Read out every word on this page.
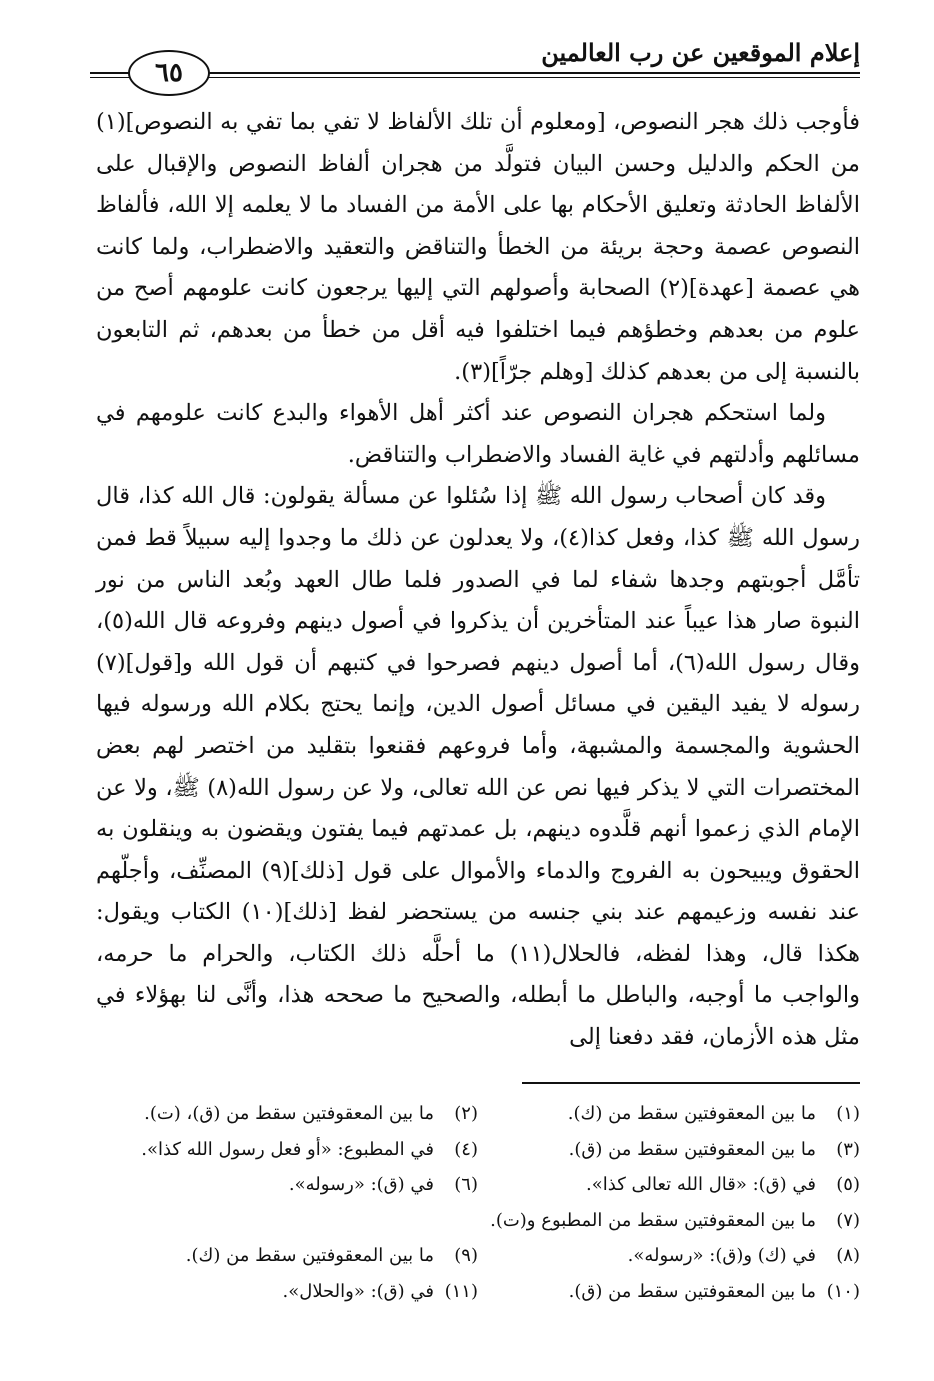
إعلام الموقعين عن رب العالمين
٦٥

فأوجب ذلك هجر النصوص، [ومعلوم أن تلك الألفاظ لا تفي بما تفي به النصوص](١) من الحكم والدليل وحسن البيان فتولَّد من هجران ألفاظ النصوص والإقبال على الألفاظ الحادثة وتعليق الأحكام بها على الأمة من الفساد ما لا يعلمه إلا الله، فألفاظ النصوص عصمة وحجة بريئة من الخطأ والتناقض والتعقيد والاضطراب، ولما كانت هي عصمة [عهدة](٢) الصحابة وأصولهم التي إليها يرجعون كانت علومهم أصح من علوم من بعدهم وخطؤهم فيما اختلفوا فيه أقل من خطأ من بعدهم، ثم التابعون بالنسبة إلى من بعدهم كذلك [وهلم جرّاً](٣).

ولما استحكم هجران النصوص عند أكثر أهل الأهواء والبدع كانت علومهم في مسائلهم وأدلتهم في غاية الفساد والاضطراب والتناقض.

وقد كان أصحاب رسول الله ﷺ إذا سُئلوا عن مسألة يقولون: قال الله كذا، قال رسول الله ﷺ كذا، وفعل كذا(٤)، ولا يعدلون عن ذلك ما وجدوا إليه سبيلاً قط فمن تأمَّل أجوبتهم وجدها شفاء لما في الصدور فلما طال العهد وبُعد الناس من نور النبوة صار هذا عيباً عند المتأخرين أن يذكروا في أصول دينهم وفروعه قال الله(٥)، وقال رسول الله(٦)، أما أصول دينهم فصرحوا في كتبهم أن قول الله و[قول](٧) رسوله لا يفيد اليقين في مسائل أصول الدين، وإنما يحتج بكلام الله ورسوله فيها الحشوية والمجسمة والمشبهة، وأما فروعهم فقنعوا بتقليد من اختصر لهم بعض المختصرات التي لا يذكر فيها نص عن الله تعالى، ولا عن رسول الله(٨) ﷺ، ولا عن الإمام الذي زعموا أنهم قلَّدوه دينهم، بل عمدتهم فيما يفتون ويقضون به وينقلون به الحقوق ويبيحون به الفروج والدماء والأموال على قول [ذلك](٩) المصنِّف، وأجلّهم عند نفسه وزعيمهم عند بني جنسه من يستحضر لفظ [ذلك](١٠) الكتاب ويقول: هكذا قال، وهذا لفظه، فالحلال(١١) ما أحلَّه ذلك الكتاب، والحرام ما حرمه، والواجب ما أوجبه، والباطل ما أبطله، والصحيح ما صححه هذا، وأنَّى لنا بهؤلاء في مثل هذه الأزمان، فقد دفعنا إلى

(١)ما بين المعقوفتين سقط من (ك).
(٢)ما بين المعقوفتين سقط من (ق)، (ت).
(٣)ما بين المعقوفتين سقط من (ق).
(٤)في المطبوع: «أو فعل رسول الله كذا».
(٥)في (ق): «قال الله تعالى كذا».
(٦)في (ق): «رسوله».
(٧)ما بين المعقوفتين سقط من المطبوع و(ت).
(٨)في (ك) و(ق): «رسوله».
(٩)ما بين المعقوفتين سقط من (ك).
(١٠)ما بين المعقوفتين سقط من (ق).
(١١)في (ق): «والحلال».
